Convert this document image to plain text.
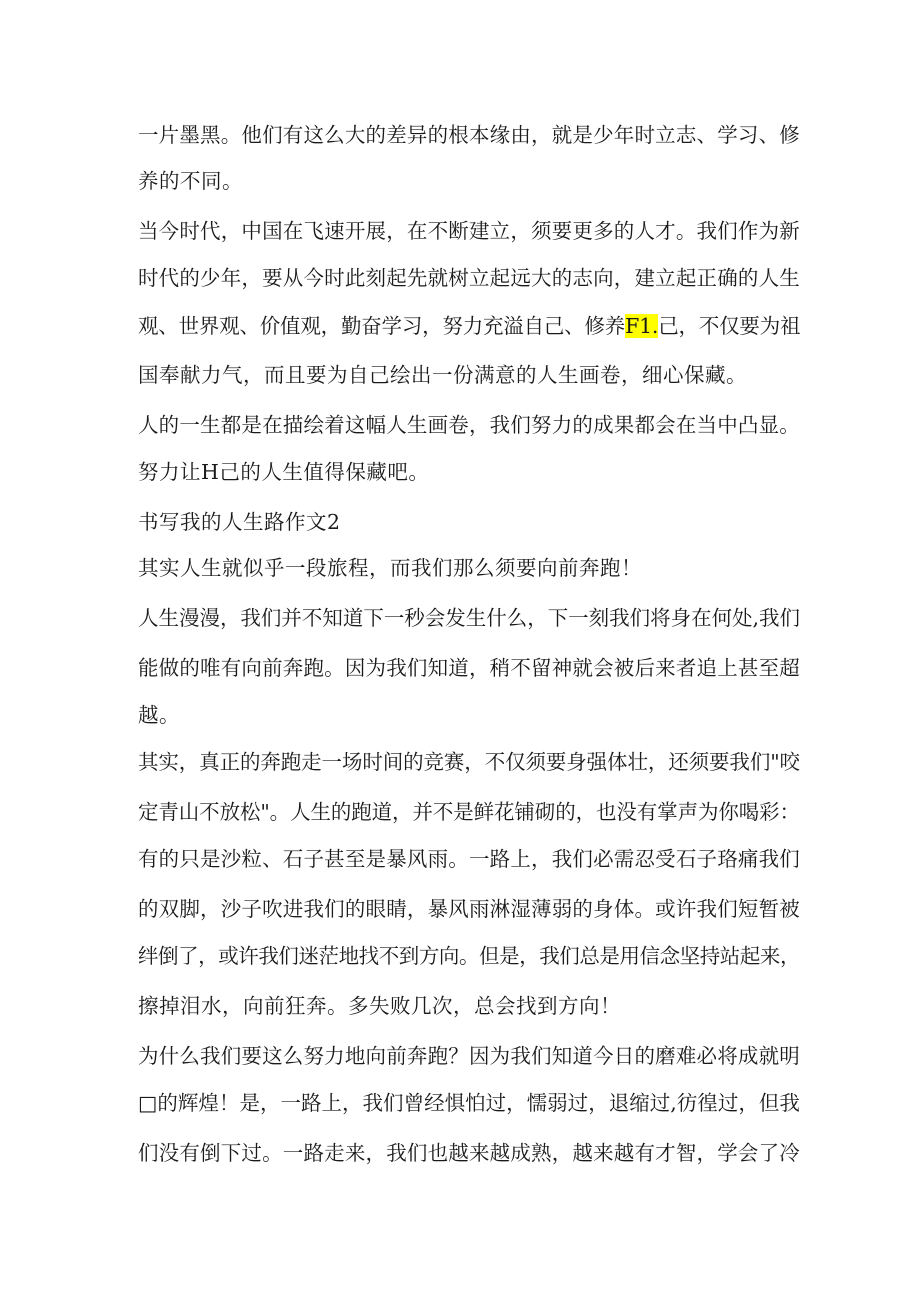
一片墨黑。他们有这么大的差异的根本缘由，就是少年时立志、学习、修
养的不同。
当今时代，中国在飞速开展，在不断建立，须要更多的人才。我们作为新
时代的少年，要从今时此刻起先就树立起远大的志向，建立起正确的人生
观、世界观、价值观，勤奋学习，努力充溢自己、修养F1.己，不仅要为祖
国奉献力气，而且要为自己绘出一份满意的人生画卷，细心保藏。
人的一生都是在描绘着这幅人生画卷，我们努力的成果都会在当中凸显。
努力让H己的人生值得保藏吧。
书写我的人生路作文2
其实人生就似乎一段旅程，而我们那么须要向前奔跑！
人生漫漫，我们并不知道下一秒会发生什么，下一刻我们将身在何处,我们
能做的唯有向前奔跑。因为我们知道，稍不留神就会被后来者追上甚至超
越。
其实，真正的奔跑走一场时间的竞赛，不仅须要身强体壮，还须要我们"咬
定青山不放松"。人生的跑道，并不是鲜花铺砌的，也没有掌声为你喝彩：
有的只是沙粒、石子甚至是暴风雨。一路上，我们必需忍受石子珞痛我们
的双脚，沙子吹进我们的眼睛，暴风雨淋湿薄弱的身体。或许我们短暂被
绊倒了，或许我们迷茫地找不到方向。但是，我们总是用信念坚持站起来，
擦掉泪水，向前狂奔。多失败几次，总会找到方向！
为什么我们要这么努力地向前奔跑？因为我们知道今日的磨难必将成就明
□的辉煌！是，一路上，我们曾经惧怕过，懦弱过，退缩过,彷徨过，但我
们没有倒下过。一路走来，我们也越来越成熟，越来越有才智，学会了冷
